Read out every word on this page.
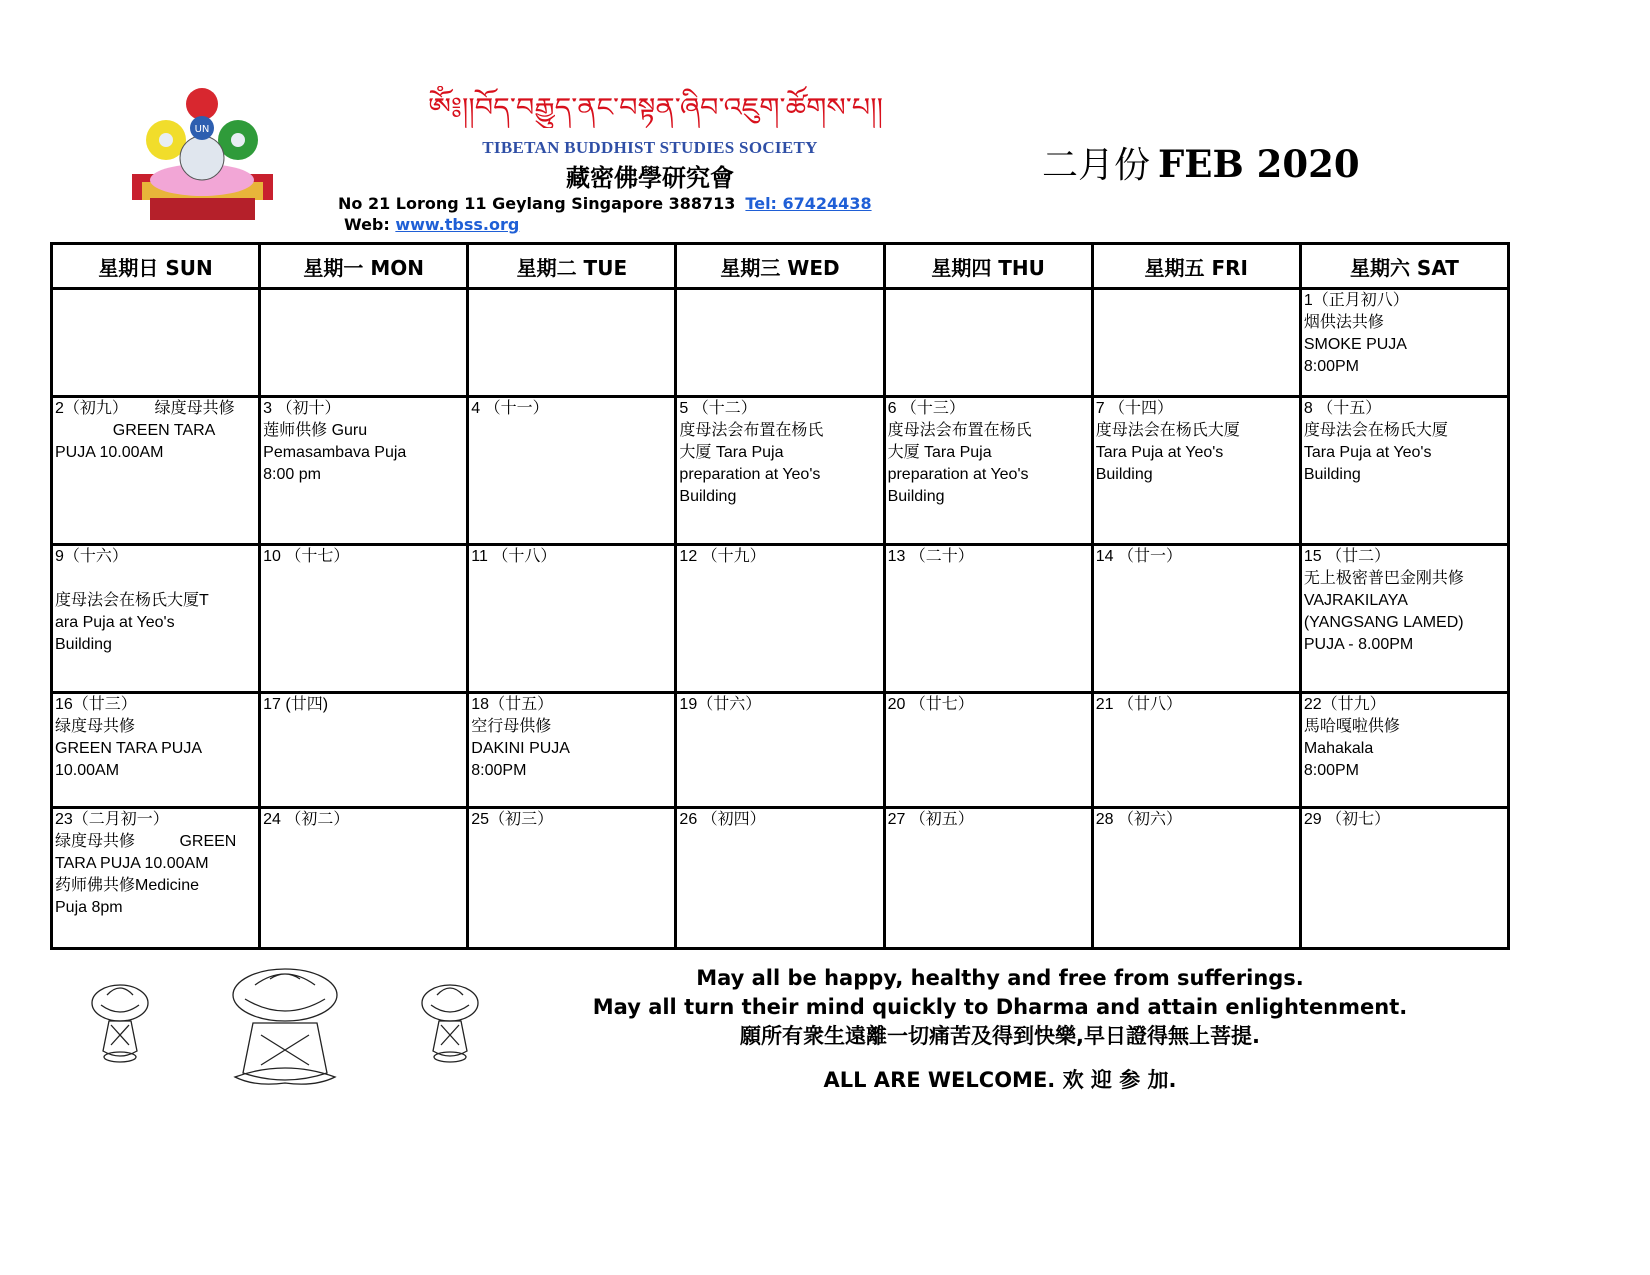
UN
ༀ༔།།བོད་བརྒྱུད་ནང་བསྟན་ཞིབ་འཇུག་ཚོགས་པ།།
TIBETAN BUDDHIST STUDIES SOCIETY
藏密佛學研究會
No 21 Lorong 11 Geylang Singapore 388713 Tel: 67424438
Web: www.tbss.org
二月份 FEB 2020
星期日 SUN	星期一 MON	星期二 TUE	星期三 WED	星期四 THU	星期五 FRI	星期六 SAT

						1（正月初八）
烟供法共修
SMOKE PUJA
8:00PM

2（初九）      绿度母共修
GREEN TARA
PUJA 10.00AM	3 （初十）
莲师供修 Guru
Pemasambava Puja
8:00 pm	4 （十一）	5 （十二）
度母法会布置在杨氏
大厦 Tara Puja
preparation at Yeo's
Building	6 （十三）
度母法会布置在杨氏
大厦 Tara Puja
preparation at Yeo's
Building	7 （十四）
度母法会在杨氏大厦
Tara Puja at Yeo's
Building	8 （十五）
度母法会在杨氏大厦
Tara Puja at Yeo's
Building

9（十六）

度母法会在杨氏大厦T
ara Puja at Yeo's
Building	10 （十七）	11 （十八）	12 （十九）	13 （二十）	14 （廿一）	15 （廿二）
无上极密普巴金刚共修
VAJRAKILAYA
(YANGSANG LAMED)
PUJA - 8.00PM

16（廿三）
绿度母共修
GREEN TARA PUJA
10.00AM	17 (廿四)	18（廿五）
空行母供修
DAKINI PUJA
8:00PM	19（廿六）	20 （廿七）	21 （廿八）	22（廿九）
馬哈嘎啦供修
Mahakala
8:00PM

23（二月初一）
绿度母共修          GREEN
TARA PUJA 10.00AM
药师佛共修Medicine
Puja 8pm	24 （初二）	25（初三）	26 （初四）	27 （初五）	28 （初六）	29 （初七）
May all be happy, healthy and free from sufferings.
May all turn their mind quickly to Dharma and attain enlightenment.
願所有衆生遠離一切痛苦及得到快樂,早日證得無上菩提.
ALL ARE WELCOME. 欢 迎 参 加.
